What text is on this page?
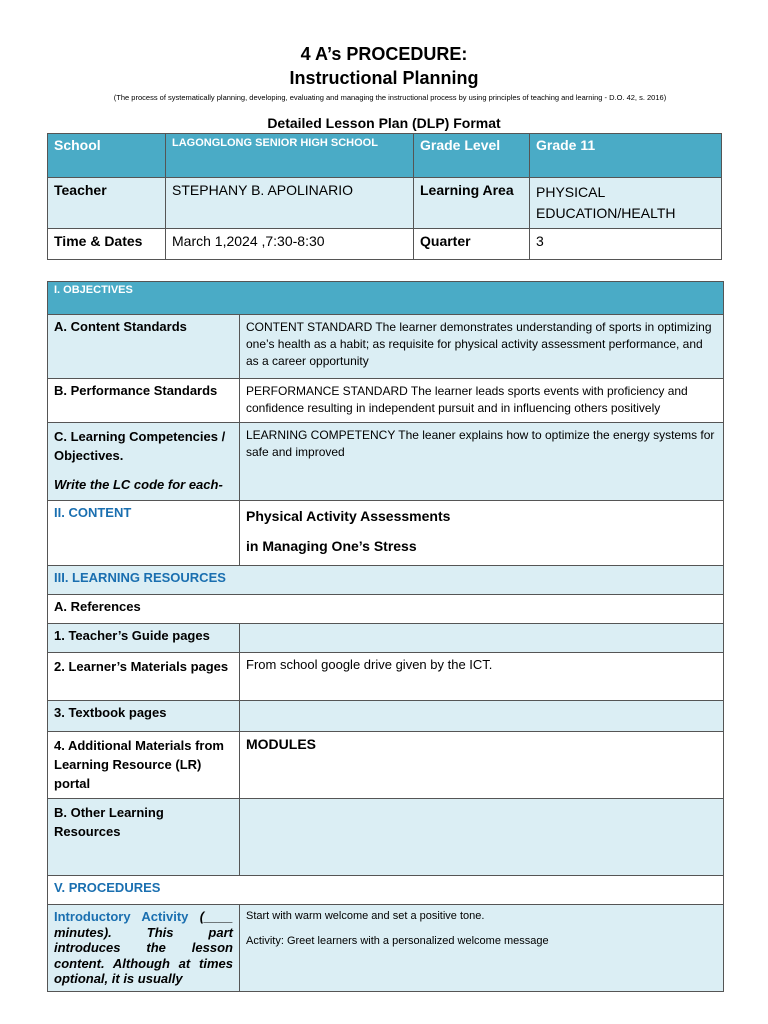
4 A’s PROCEDURE:
Instructional Planning
(The process of systematically planning, developing, evaluating and managing the instructional process by using principles of teaching and learning - D.O. 42, s. 2016)
Detailed Lesson Plan (DLP) Format
School	LAGONGLONG SENIOR HIGH SCHOOL	Grade Level	Grade 11
Teacher	STEPHANY B. APOLINARIO	Learning Area	PHYSICAL EDUCATION/HEALTH
Time & Dates	March 1,2024 ,7:30-8:30	Quarter	3
I. OBJECTIVES	
A. Content Standards	CONTENT STANDARD The learner demonstrates understanding of sports in optimizing one’s health as a habit; as requisite for physical activity assessment performance, and as a career opportunity
B. Performance Standards	PERFORMANCE STANDARD The learner leads sports events with proficiency and confidence resulting in independent pursuit and in influencing others positively

C. Learning Competencies / Objectives.
Write the LC code for each-	LEARNING COMPETENCY The leaner explains how to optimize the energy systems for safe and improved
II. CONTENT	Physical Activity Assessments
in Managing One’s Stress

III. LEARNING RESOURCES	
A. References	
1. Teacher’s Guide pages	
2. Learner’s Materials pages	From school google drive given by the ICT.
3. Textbook pages	
4. Additional Materials from Learning Resource (LR) portal	MODULES
B. Other Learning Resources	
V. PROCEDURES	
Introductory Activity (____ minutes). This part introduces the lesson content. Although at times optional, it is usually	Start with warm welcome and set a positive tone.
Activity: Greet learners with a personalized welcome message
